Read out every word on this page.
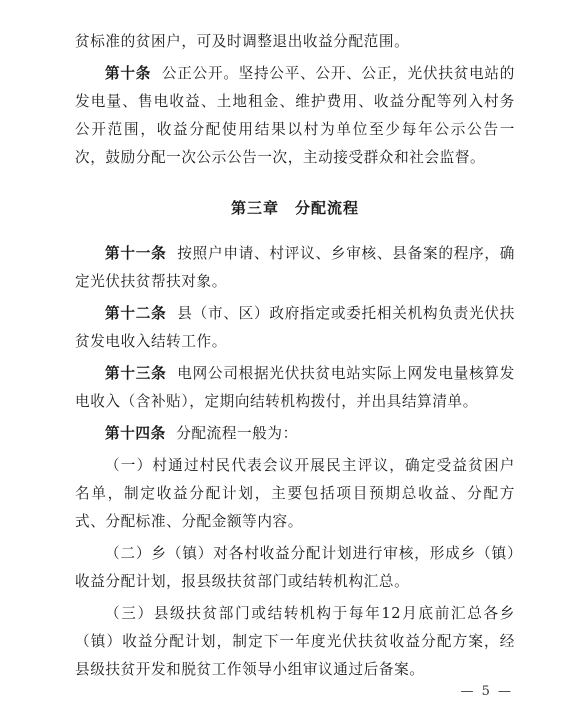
贫标准的贫困户，可及时调整退出收益分配范围。

第十条 公正公开。坚持公平、公开、公正，光伏扶贫电站的发电量、售电收益、土地租金、维护费用、收益分配等列入村务公开范围，收益分配使用结果以村为单位至少每年公示公告一次，鼓励分配一次公示公告一次，主动接受群众和社会监督。

第三章　分配流程

第十一条 按照户申请、村评议、乡审核、县备案的程序，确定光伏扶贫帮扶对象。

第十二条 县（市、区）政府指定或委托相关机构负责光伏扶贫发电收入结转工作。

第十三条 电网公司根据光伏扶贫电站实际上网发电量核算发电收入（含补贴），定期向结转机构拨付，并出具结算清单。

第十四条 分配流程一般为：

（一）村通过村民代表会议开展民主评议，确定受益贫困户名单，制定收益分配计划，主要包括项目预期总收益、分配方式、分配标准、分配金额等内容。

（二）乡（镇）对各村收益分配计划进行审核，形成乡（镇）收益分配计划，报县级扶贫部门或结转机构汇总。

（三）县级扶贫部门或结转机构于每年12月底前汇总各乡（镇）收益分配计划，制定下一年度光伏扶贫收益分配方案，经县级扶贫开发和脱贫工作领导小组审议通过后备案。

— 5 —
